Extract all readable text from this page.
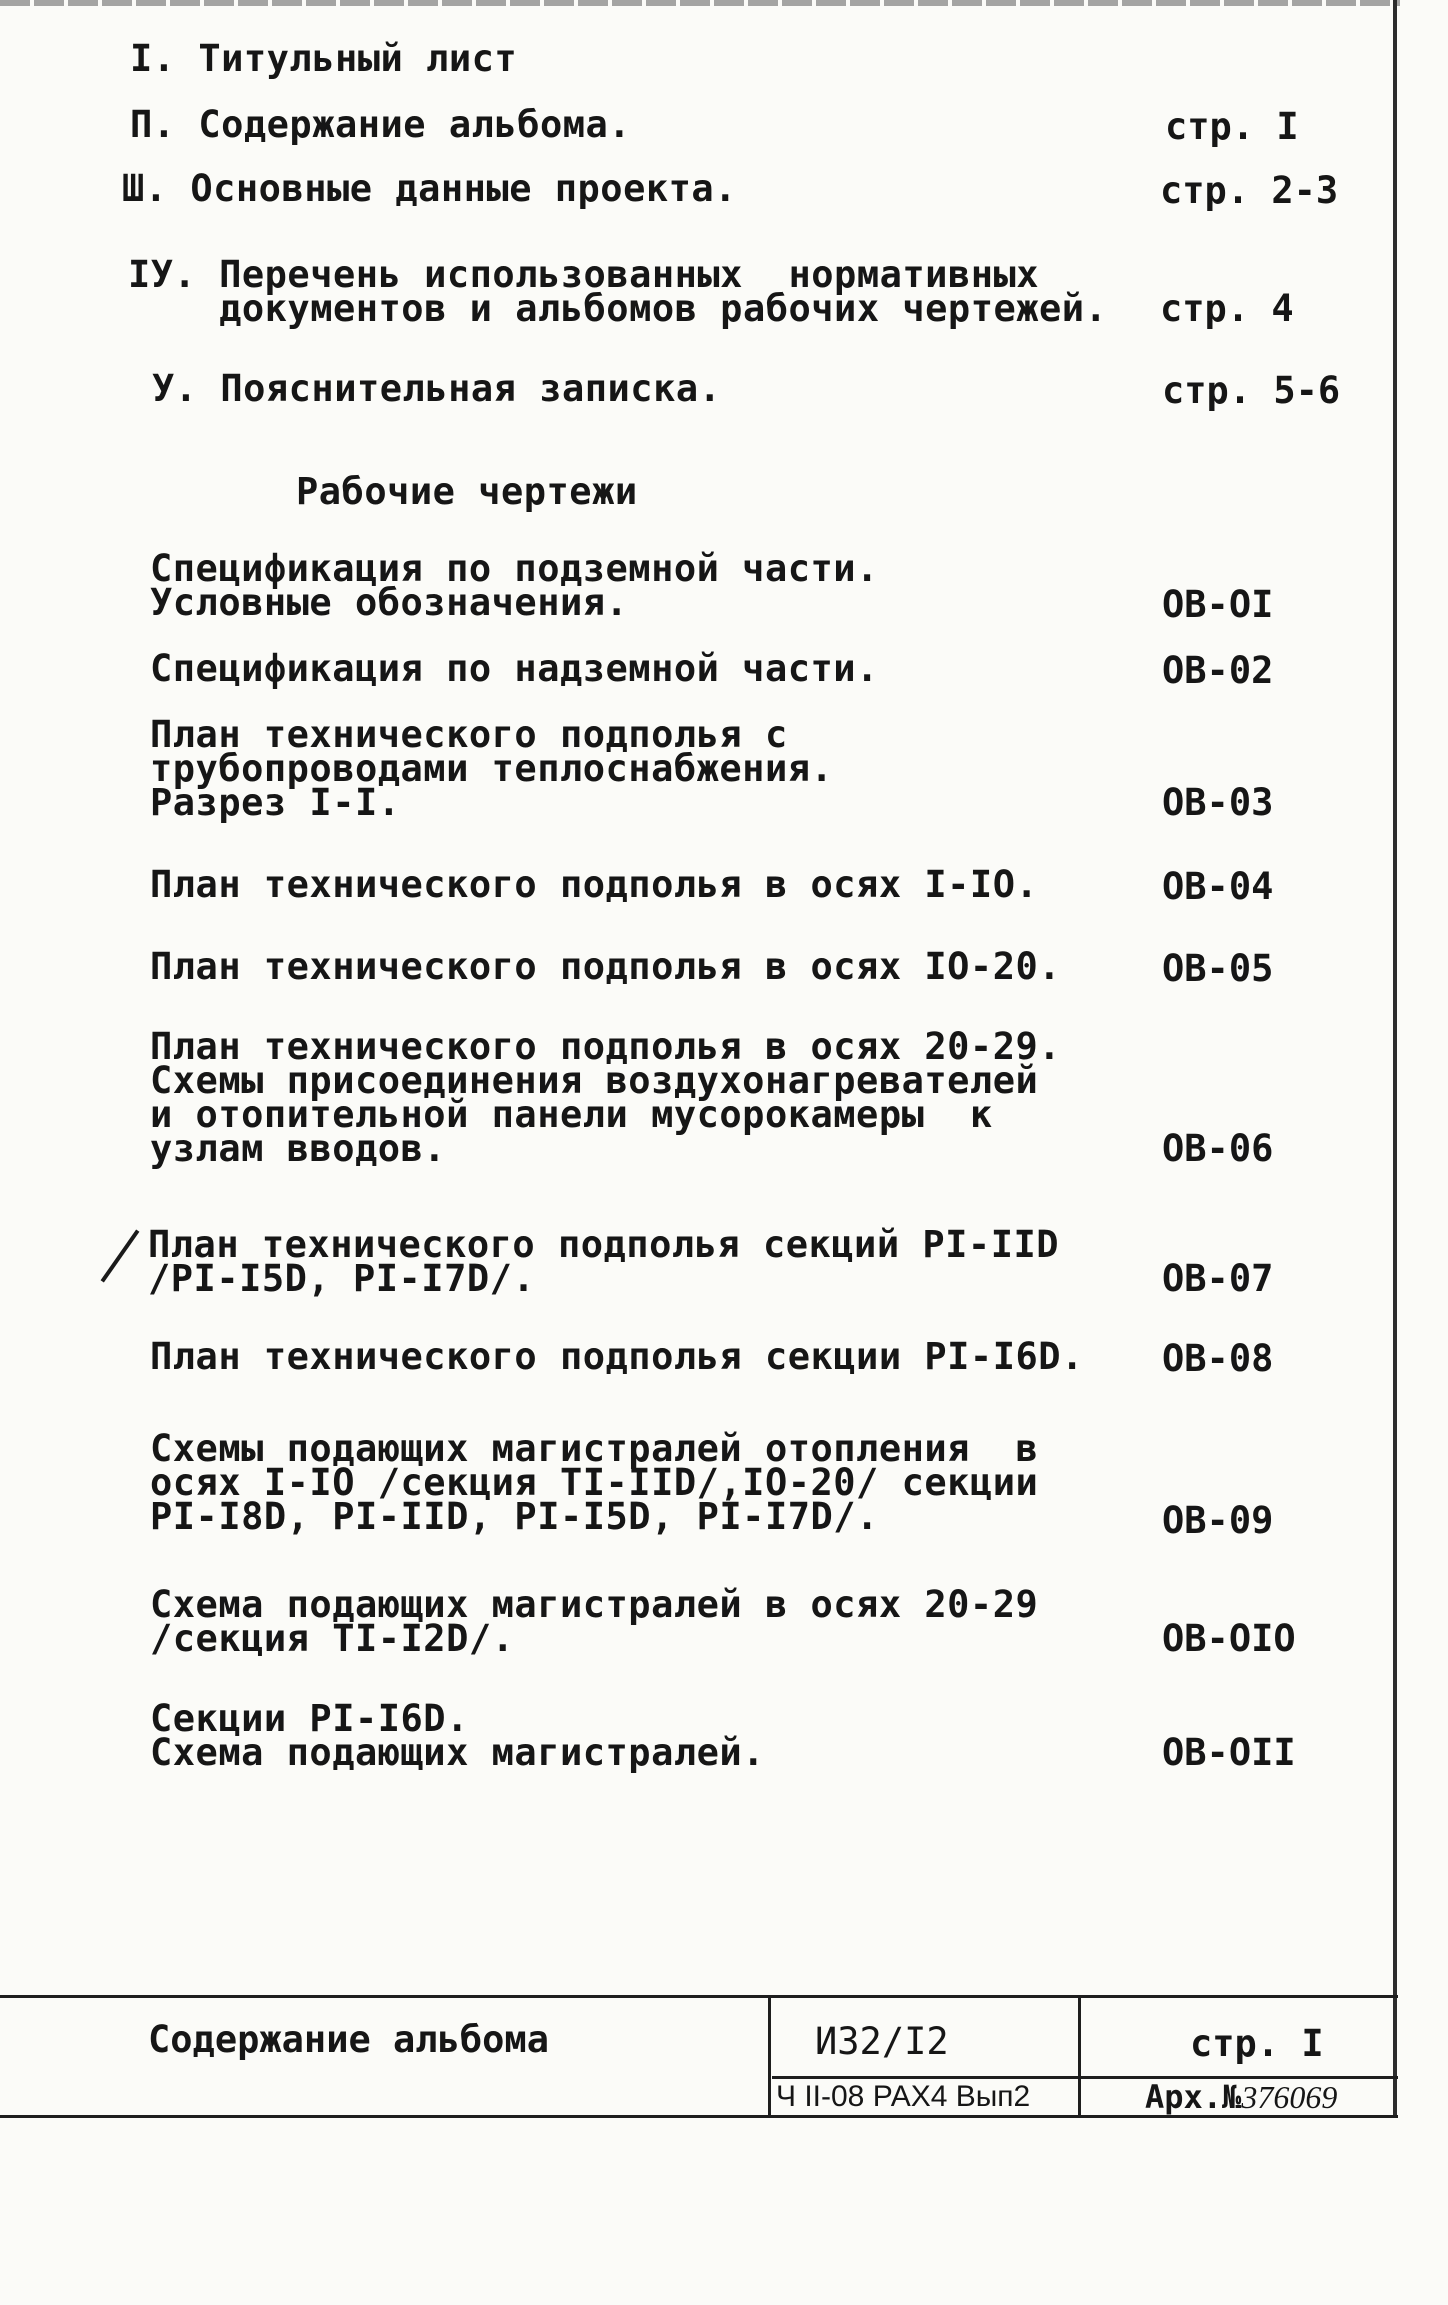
I. Титульный лист
П. Содержание альбома.	стр. I
Ш. Основные данные проекта.	стр. 2-3
IУ. Перечень использованных  нормативных
документов и альбомов рабочих чертежей. стр. 4
У. Пояснительная записка.	стр. 5-6
Рабочие чертежи
Спецификация по подземной части.
Условные обозначения.	ОВ-ОI
Спецификация по надземной части.	ОВ-02
План технического подполья с
трубопроводами теплоснабжения.
Разрез I-I.	ОВ-03
План технического подполья в осях I-IO.	ОВ-04
План технического подполья в осях IO-20.	ОВ-05
План технического подполья в осях 20-29.
Схемы присоединения воздухонагревателей
и отопительной панели мусорокамеры  к
узлам вводов.	ОВ-06
План технического подполья секций PI-IID
/PI-I5D, PI-I7D/.	ОВ-07
План технического подполья секции PI-I6D. ОВ-08
Схемы подающих магистралей отопления  в
осях I-IO /секция ТI-IID/,IO-20/ секции
PI-I8D, PI-IID, PI-I5D, PI-I7D/.	ОВ-09
Схема подающих магистралей в осях 20-29
/секция ТI-I2D/.	ОВ-ОIО
Секции PI-I6D.
Схема подающих магистралей.	ОВ-ОII
Содержание альбома	И32/I2	стр. I
Ч II-08 РАХ4 Вып2	Арх.№376069
